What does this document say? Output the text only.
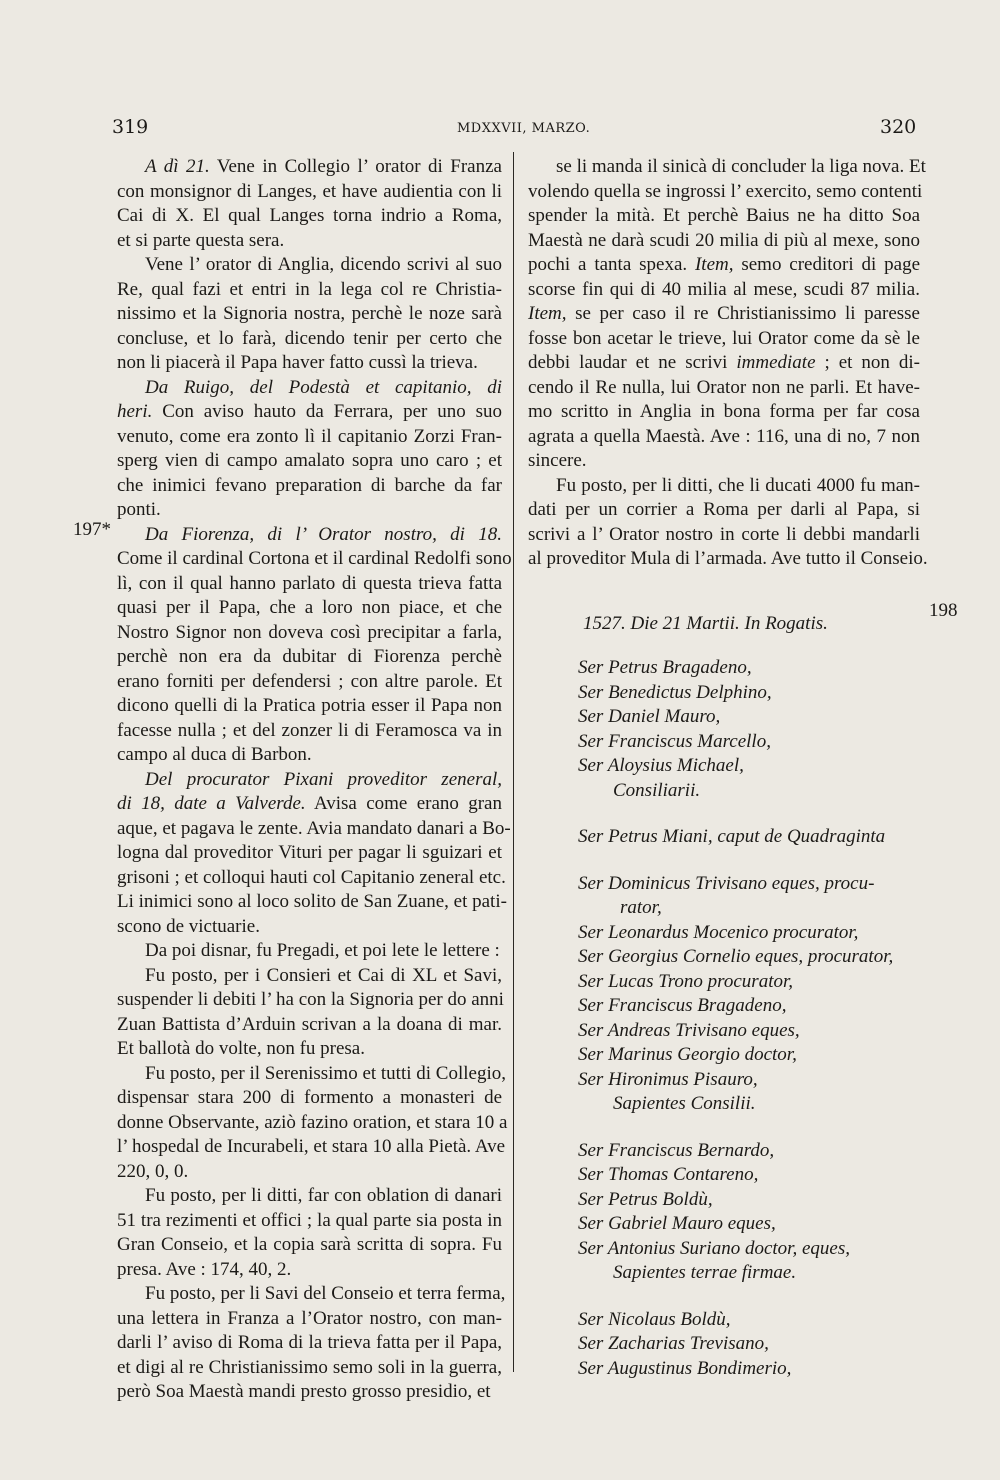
319	MDXXVII, MARZO.	320
197*
198
A dì 21. Vene in Collegio l’ orator di Franza
con monsignor di Langes, et have audientia con li
Cai di X. El qual Langes torna indrio a Roma,
et si parte questa sera.
Vene l’ orator di Anglia, dicendo scrivi al suo
Re, qual fazi et entri in la lega col re Christia-
nissimo et la Signoria nostra, perchè le noze sarà
concluse, et lo farà, dicendo tenir per certo che
non li piacerà il Papa haver fatto cussì la trieva.
Da Ruigo, del Podestà et capitanio, di
heri. Con aviso hauto da Ferrara, per uno suo
venuto, come era zonto lì il capitanio Zorzi Fran-
sperg vien di campo amalato sopra uno caro ; et
che inimici fevano preparation di barche da far
ponti.
Da Fiorenza, di l’ Orator nostro, di 18.
Come il cardinal Cortona et il cardinal Redolfi sono
lì, con il qual hanno parlato di questa trieva fatta
quasi per il Papa, che a loro non piace, et che
Nostro Signor non doveva così precipitar a farla,
perchè non era da dubitar di Fiorenza perchè
erano forniti per defendersi ; con altre parole. Et
dicono quelli di la Pratica potria esser il Papa non
facesse nulla ; et del zonzer li di Feramosca va in
campo al duca di Barbon.
Del procurator Pixani proveditor zeneral,
di 18, date a Valverde. Avisa come erano gran
aque, et pagava le zente. Avia mandato danari a Bo-
logna dal proveditor Vituri per pagar li sguizari et
grisoni ; et colloqui hauti col Capitanio zeneral etc.
Li inimici sono al loco solito de San Zuane, et pati-
scono de victuarie.
Da poi disnar, fu Pregadi, et poi lete le lettere :
Fu posto, per i Consieri et Cai di XL et Savi,
suspender li debiti l’ ha con la Signoria per do anni
Zuan Battista d’Arduin scrivan a la doana di mar.
Et ballotà do volte, non fu presa.
Fu posto, per il Serenissimo et tutti di Collegio,
dispensar stara 200 di formento a monasteri de
donne Observante, aziò fazino oration, et stara 10 a
l’ hospedal de Incurabeli, et stara 10 alla Pietà. Ave
220, 0, 0.
Fu posto, per li ditti, far con oblation di danari
51 tra rezimenti et offici ; la qual parte sia posta in
Gran Conseio, et la copia sarà scritta di sopra. Fu
presa. Ave : 174, 40, 2.
Fu posto, per li Savi del Conseio et terra ferma,
una lettera in Franza a l’Orator nostro, con man-
darli l’ aviso di Roma di la trieva fatta per il Papa,
et digi al re Christianissimo semo soli in la guerra,
però Soa Maestà mandi presto grosso presidio, et
se li manda il sinicà di concluder la liga nova. Et
volendo quella se ingrossi l’ exercito, semo contenti
spender la mità. Et perchè Baius ne ha ditto Soa
Maestà ne darà scudi 20 milia di più al mexe, sono
pochi a tanta spexa. Item, semo creditori di page
scorse fin qui di 40 milia al mese, scudi 87 milia.
Item, se per caso il re Christianissimo li paresse
fosse bon acetar le trieve, lui Orator come da sè le
debbi laudar et ne scrivi immediate ; et non di-
cendo il Re nulla, lui Orator non ne parli. Et have-
mo scritto in Anglia in bona forma per far cosa
agrata a quella Maestà. Ave : 116, una di no, 7 non
sincere.
Fu posto, per li ditti, che li ducati 4000 fu man-
dati per un corrier a Roma per darli al Papa, si
scrivi a l’ Orator nostro in corte li debbi mandarli
al proveditor Mula di l’armada. Ave tutto il Conseio.
1527. Die 21 Martii. In Rogatis.
Ser Petrus Bragadeno,
Ser Benedictus Delphino,
Ser Daniel Mauro,
Ser Franciscus Marcello,
Ser Aloysius Michael,
Consiliarii.
Ser Petrus Miani, caput de Quadraginta
Ser Dominicus Trivisano eques, procu-
rator,
Ser Leonardus Mocenico procurator,
Ser Georgius Cornelio eques, procurator,
Ser Lucas Trono procurator,
Ser Franciscus Bragadeno,
Ser Andreas Trivisano eques,
Ser Marinus Georgio doctor,
Ser Hironimus Pisauro,
Sapientes Consilii.
Ser Franciscus Bernardo,
Ser Thomas Contareno,
Ser Petrus Boldù,
Ser Gabriel Mauro eques,
Ser Antonius Suriano doctor, eques,
Sapientes terrae firmae.
Ser Nicolaus Boldù,
Ser Zacharias Trevisano,
Ser Augustinus Bondimerio,
